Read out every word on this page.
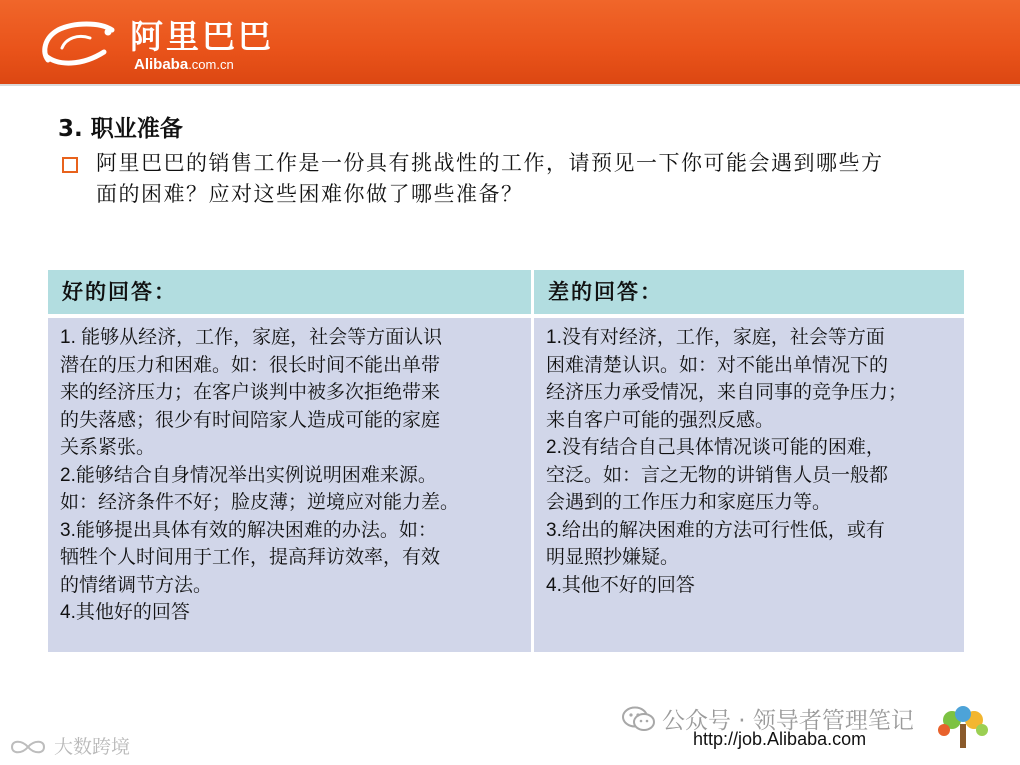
阿里巴巴
Alibaba.com.cn
3. 职业准备
阿里巴巴的销售工作是一份具有挑战性的工作，请预见一下你可能会遇到哪些方
面的困难？应对这些困难你做了哪些准备？
好的回答：	差的回答：
1. 能够从经济，工作，家庭，社会等方面认识
潜在的压力和困难。如：很长时间不能出单带
来的经济压力；在客户谈判中被多次拒绝带来
的失落感；很少有时间陪家人造成可能的家庭
关系紧张。
2.能够结合自身情况举出实例说明困难来源。
如：经济条件不好；脸皮薄；逆境应对能力差。
3.能够提出具体有效的解决困难的办法。如：
牺牲个人时间用于工作，提高拜访效率，有效
的情绪调节方法。
4.其他好的回答
1.没有对经济，工作，家庭，社会等方面
困难清楚认识。如：对不能出单情况下的
经济压力承受情况，来自同事的竞争压力；
来自客户可能的强烈反感。
2.没有结合自己具体情况谈可能的困难，
空泛。如：言之无物的讲销售人员一般都
会遇到的工作压力和家庭压力等。
3.给出的解决困难的方法可行性低，或有
明显照抄嫌疑。
4.其他不好的回答
大数跨境
公众号 · 领导者管理笔记
http://job.Alibaba.com
